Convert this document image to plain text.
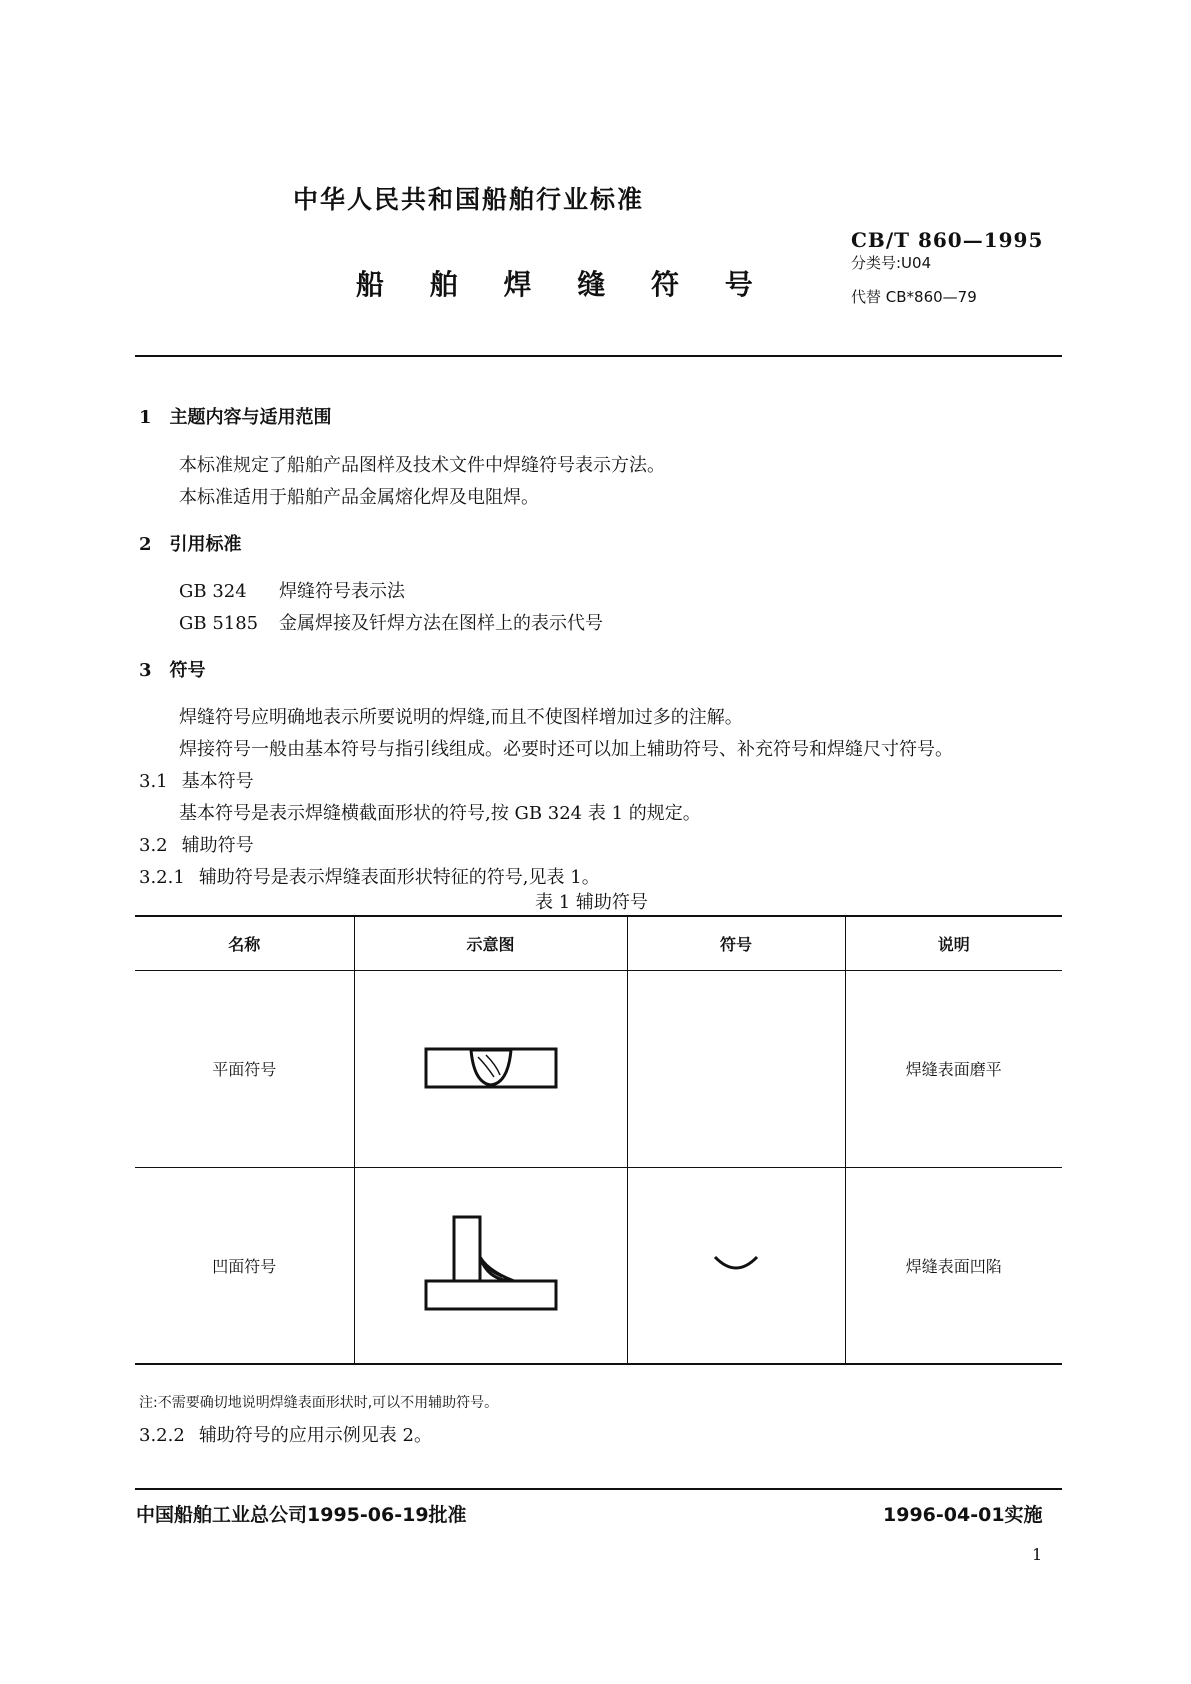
中华人民共和国船舶行业标准
船 舶 焊 缝 符 号
CB/T 860—1995
分类号:U04
代替 CB*860—79
1 主题内容与适用范围
本标准规定了船舶产品图样及技术文件中焊缝符号表示方法。
本标准适用于船舶产品金属熔化焊及电阻焊。
2 引用标准
GB 324 焊缝符号表示法
GB 5185 金属焊接及钎焊方法在图样上的表示代号
3 符号
焊缝符号应明确地表示所要说明的焊缝,而且不使图样增加过多的注解。
焊接符号一般由基本符号与指引线组成。必要时还可以加上辅助符号、补充符号和焊缝尺寸符号。
3.1 基本符号
基本符号是表示焊缝横截面形状的符号,按 GB 324 表 1 的规定。
3.2 辅助符号
3.2.1 辅助符号是表示焊缝表面形状特征的符号,见表 1。
表 1 辅助符号
名称	示意图	符号	说明
平面符号			焊缝表面磨平
凹面符号			焊缝表面凹陷
注:不需要确切地说明焊缝表面形状时,可以不用辅助符号。
3.2.2 辅助符号的应用示例见表 2。
中国船舶工业总公司1995-06-19批准	1996-04-01实施
1
